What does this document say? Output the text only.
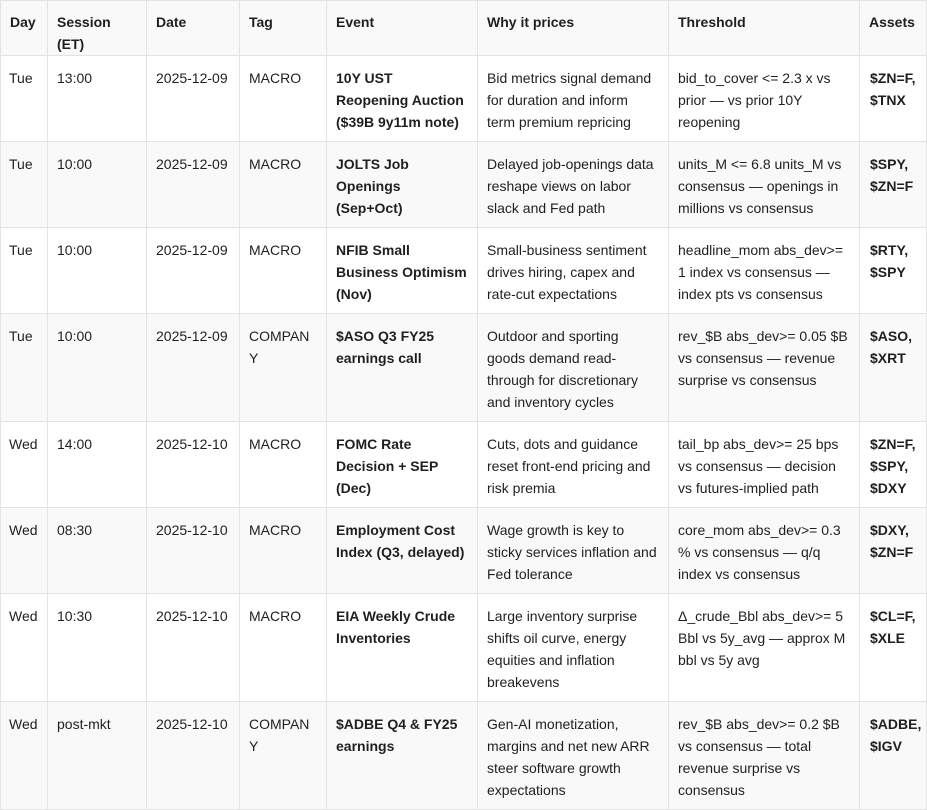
Day	Session (ET)	Date	Tag	Event	Why it prices	Threshold	Assets
Tue	13:00	2025-12-09	MACRO	10Y UST Reopening Auction ($39B 9y11m note)	Bid metrics signal demand for duration and inform term premium repricing	bid_to_cover <= 2.3 x vs prior — vs prior 10Y reopening	$ZN=F, $TNX
Tue	10:00	2025-12-09	MACRO	JOLTS Job Openings (Sep+Oct)	Delayed job-openings data reshape views on labor slack and Fed path	units_M <= 6.8 units_M vs consensus — openings in millions vs consensus	$SPY, $ZN=F
Tue	10:00	2025-12-09	MACRO	NFIB Small Business Optimism (Nov)	Small-business sentiment drives hiring, capex and rate-cut expectations	headline_mom abs_dev>= 1 index vs consensus — index pts vs consensus	$RTY, $SPY
Tue	10:00	2025-12-09	COMPANY	$ASO Q3 FY25 earnings call	Outdoor and sporting goods demand read-through for discretionary and inventory cycles	rev_$B abs_dev>= 0.05 $B vs consensus — revenue surprise vs consensus	$ASO, $XRT
Wed	14:00	2025-12-10	MACRO	FOMC Rate Decision + SEP (Dec)	Cuts, dots and guidance reset front-end pricing and risk premia	tail_bp abs_dev>= 25 bps vs consensus — decision vs futures-implied path	$ZN=F, $SPY, $DXY
Wed	08:30	2025-12-10	MACRO	Employment Cost Index (Q3, delayed)	Wage growth is key to sticky services inflation and Fed tolerance	core_mom abs_dev>= 0.3 % vs consensus — q/q index vs consensus	$DXY, $ZN=F
Wed	10:30	2025-12-10	MACRO	EIA Weekly Crude Inventories	Large inventory surprise shifts oil curve, energy equities and inflation breakevens	Δ_crude_Bbl abs_dev>= 5 Bbl vs 5y_avg — approx M bbl vs 5y avg	$CL=F, $XLE
Wed	post-mkt	2025-12-10	COMPANY	$ADBE Q4 & FY25 earnings	Gen-AI monetization, margins and net new ARR steer software growth expectations	rev_$B abs_dev>= 0.2 $B vs consensus — total revenue surprise vs consensus	$ADBE, $IGV
